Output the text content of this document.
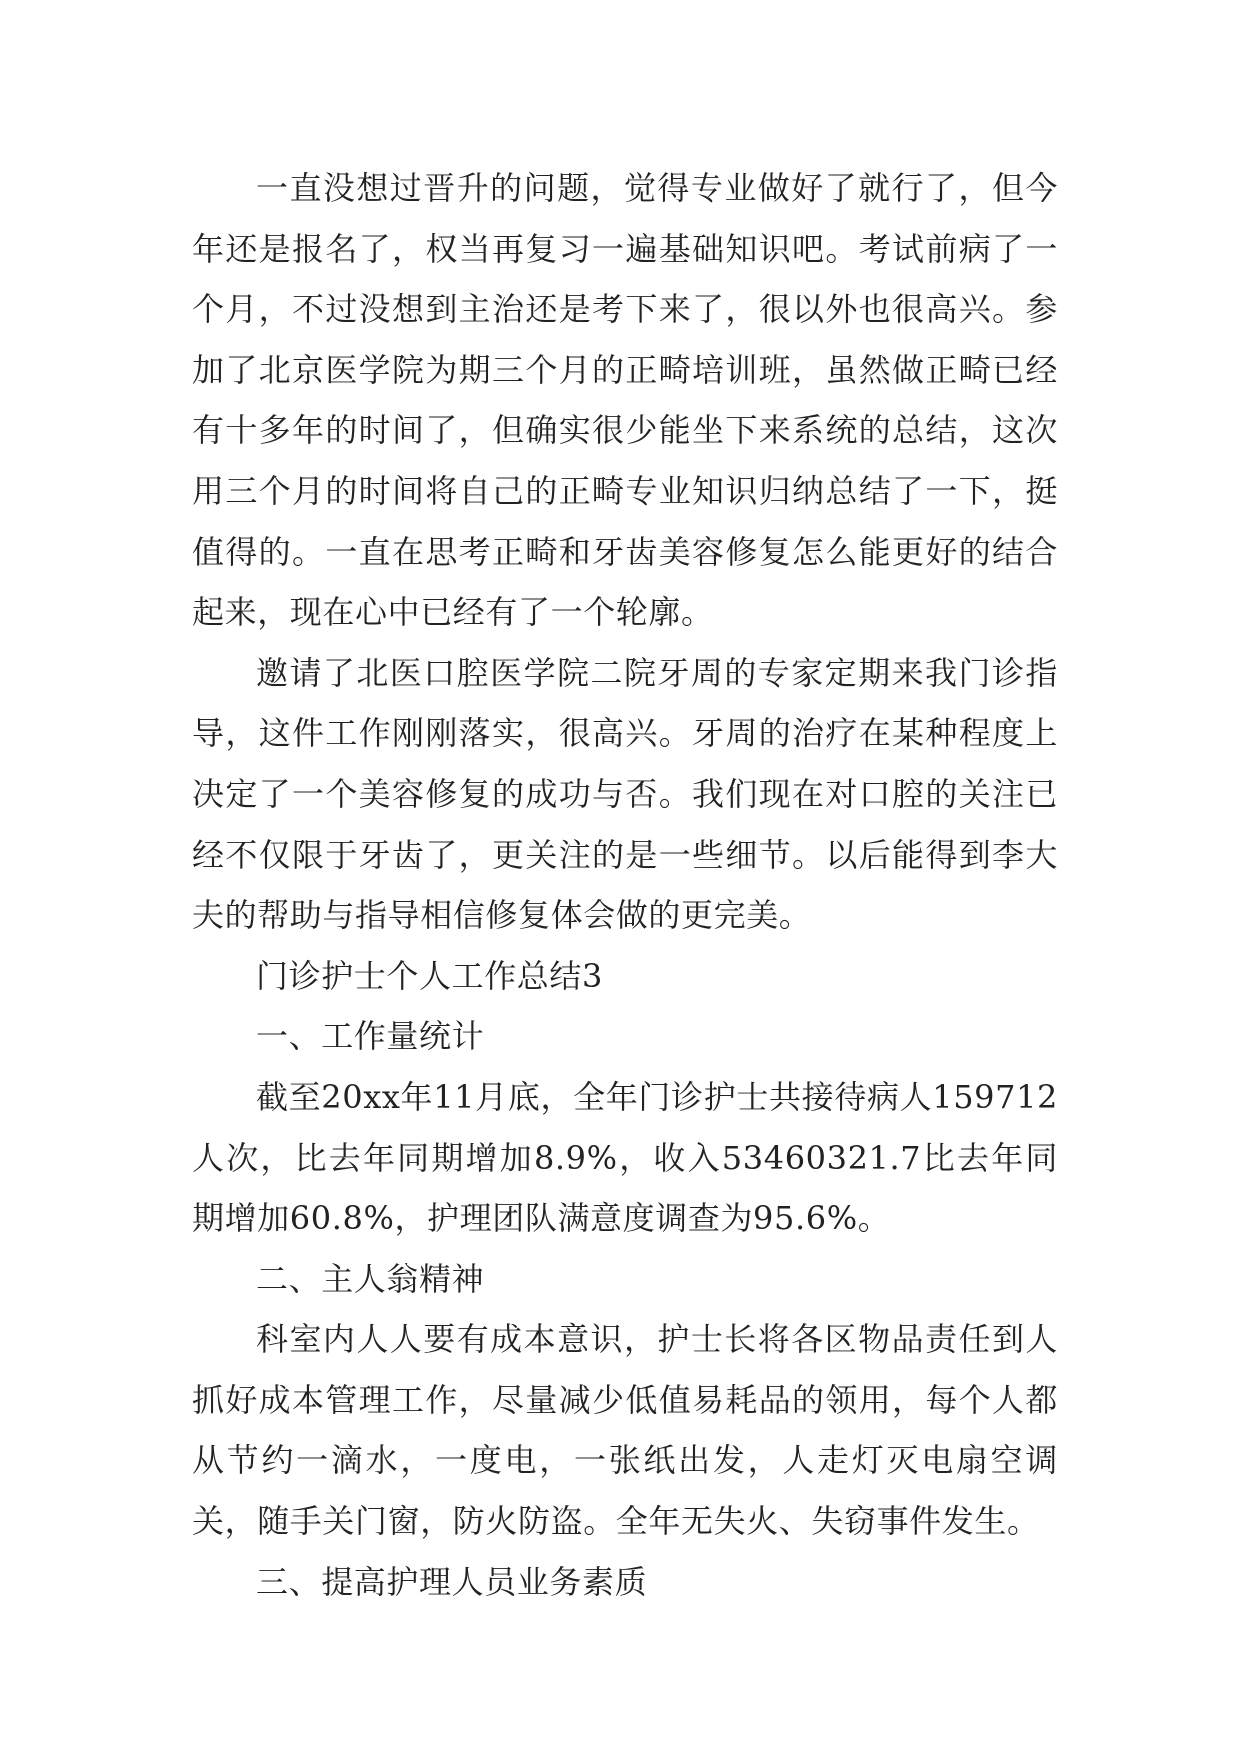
一直没想过晋升的问题，觉得专业做好了就行了，但今年还是报名了，权当再复习一遍基础知识吧。考试前病了一个月，不过没想到主治还是考下来了，很以外也很高兴。参加了北京医学院为期三个月的正畸培训班，虽然做正畸已经有十多年的时间了，但确实很少能坐下来系统的总结，这次用三个月的时间将自己的正畸专业知识归纳总结了一下，挺值得的。一直在思考正畸和牙齿美容修复怎么能更好的结合起来，现在心中已经有了一个轮廓。

邀请了北医口腔医学院二院牙周的专家定期来我门诊指导，这件工作刚刚落实，很高兴。牙周的治疗在某种程度上决定了一个美容修复的成功与否。我们现在对口腔的关注已经不仅限于牙齿了，更关注的是一些细节。以后能得到李大夫的帮助与指导相信修复体会做的更完美。

门诊护士个人工作总结3

一、工作量统计

截至20xx年11月底，全年门诊护士共接待病人159712人次，比去年同期增加8.9%，收入53460321.7比去年同期增加60.8%，护理团队满意度调查为95.6%。

二、主人翁精神

科室内人人要有成本意识，护士长将各区物品责任到人抓好成本管理工作，尽量减少低值易耗品的领用，每个人都从节约一滴水，一度电，一张纸出发，人走灯灭电扇空调关，随手关门窗，防火防盗。全年无失火、失窃事件发生。

三、提高护理人员业务素质
